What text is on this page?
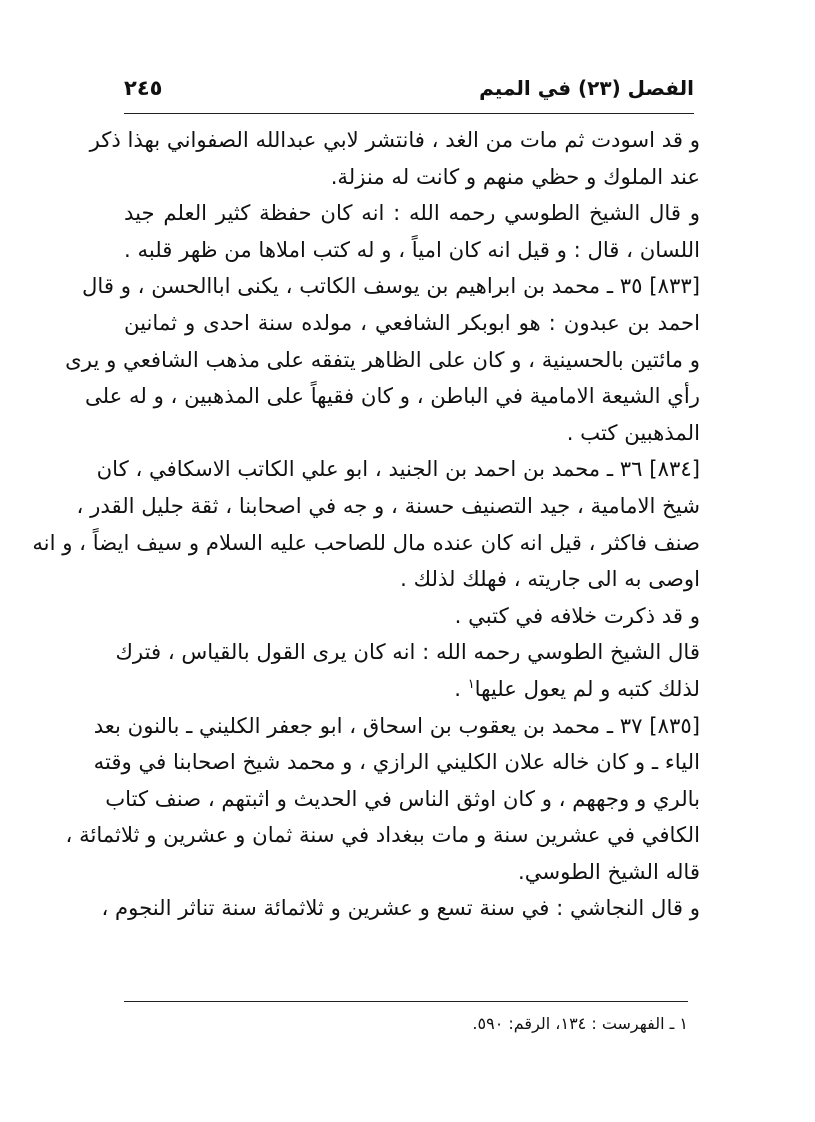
الفصل (٢٣) في الميم
٢٤٥
و قد اسودت ثم مات من الغد ، فانتشر لابي عبدالله الصفواني بهذا ذكر
عند الملوك و حظي منهم و كانت له منزلة.
و قال الشيخ الطوسي رحمه الله : انه كان حفظة كثير العلم جيد
اللسان ، قال : و قيل انه كان امياً ، و له كتب املاها من ظهر قلبه .
[٨٣٣] ٣٥ ـ محمد بن ابراهيم بن يوسف الكاتب ، يكنى اباالحسن ، و قال
احمد بن عبدون : هو ابوبكر الشافعي ، مولده سنة احدى و ثمانين
و مائتين بالحسينية ، و كان على الظاهر يتفقه على مذهب الشافعي و يرى
رأي الشيعة الامامية في الباطن ، و كان فقيهاً على المذهبين ، و له على
المذهبين كتب .
[٨٣٤] ٣٦ ـ محمد بن احمد بن الجنيد ، ابو علي الكاتب الاسكافي ، كان
شيخ الامامية ، جيد التصنيف حسنة ، و جه في اصحابنا ، ثقة جليل القدر ،
صنف فاكثر ، قيل انه كان عنده مال للصاحب عليه السلام و سيف ايضاً ، و انه
اوصى به الى جاريته ، فهلك لذلك .
و قد ذكرت خلافه في كتبي .
قال الشيخ الطوسي رحمه الله : انه كان يرى القول بالقياس ، فترك
لذلك كتبه و لم يعول عليها$^١$ .
[٨٣٥] ٣٧ ـ محمد بن يعقوب بن اسحاق ، ابو جعفر الكليني ـ بالنون بعد
الياء ـ و كان خاله علان الكليني الرازي ، و محمد شيخ اصحابنا في وقته
بالري و وجههم ، و كان اوثق الناس في الحديث و اثبتهم ، صنف كتاب
الكافي في عشرين سنة و مات ببغداد في سنة ثمان و عشرين و ثلاثمائة ،
قاله الشيخ الطوسي.
و قال النجاشي : في سنة تسع و عشرين و ثلاثمائة سنة تناثر النجوم ،
١ ـ الفهرست : ١٣٤، الرقم: ٥٩٠.
